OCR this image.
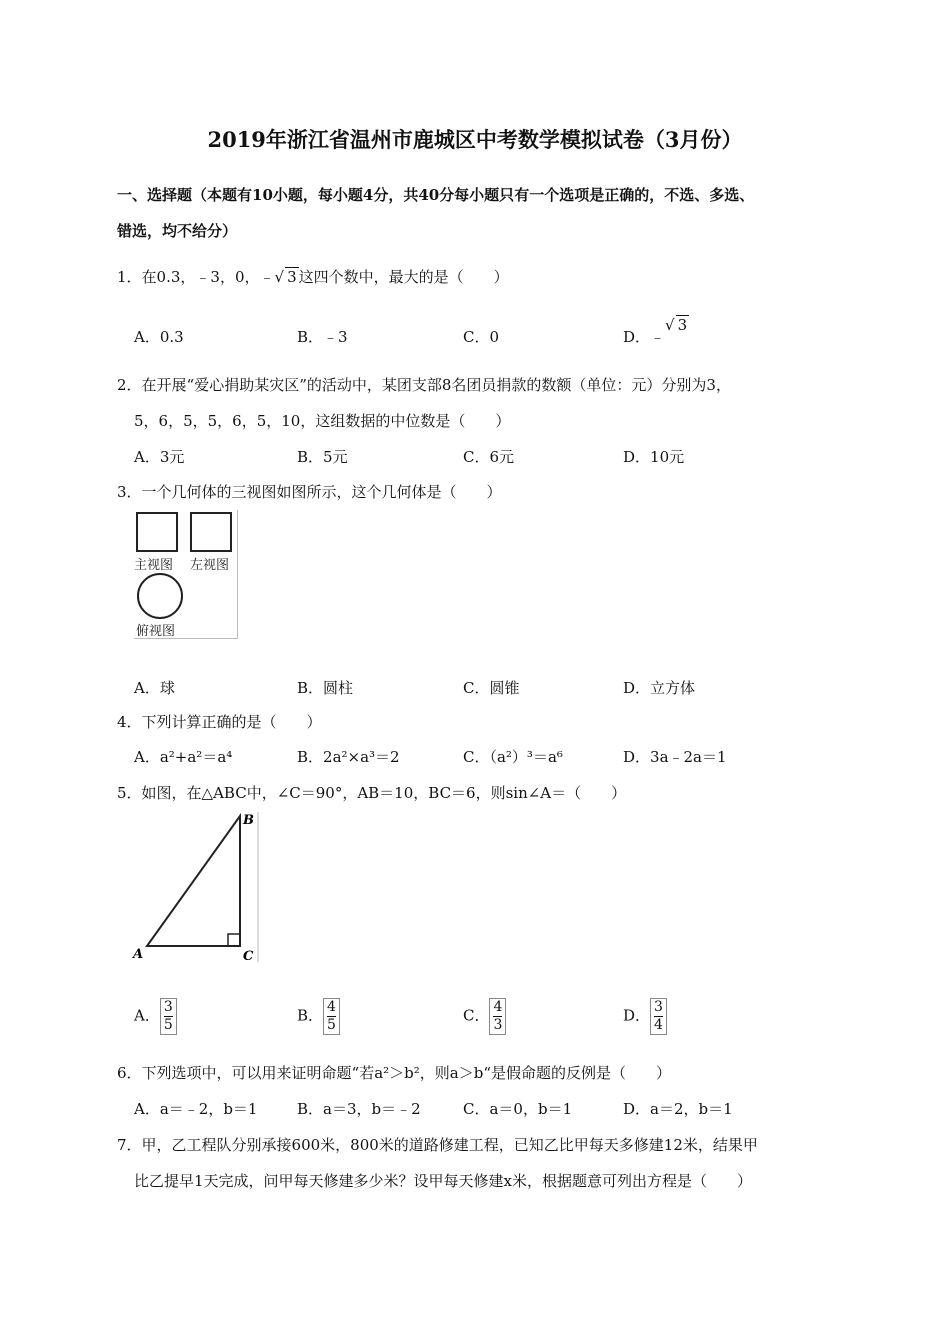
2019年浙江省温州市鹿城区中考数学模拟试卷（3月份）
一、选择题（本题有10小题，每小题4分，共40分每小题只有一个选项是正确的，不选、多选、
错选，均不给分）
1．在0.3，﹣3，0，﹣√ 3 这四个数中，最大的是（　　）
A．0.3	B．﹣3	C．0	D．﹣√ 3
2．在开展“爱心捐助某灾区”的活动中，某团支部8名团员捐款的数额（单位：元）分别为3，
5，6，5，5，6，5，10，这组数据的中位数是（　　）
A．3元	B．5元	C．6元	D．10元
3．一个几何体的三视图如图所示，这个几何体是（　　）
主视图 左视图
俯视图
A．球	B．圆柱	C．圆锥	D．立方体
4．下列计算正确的是（　　）
A．a²+a²＝a⁴	B．2a²×a³＝2	C．（a²）³＝a⁶	D．3a﹣2a＝1
5．如图，在△ABC中，∠C＝90°，AB＝10，BC＝6，则sin∠A＝（　　）
A
B
C
A． $\frac{3}{5}$	B． $\frac{4}{5}$	C． $\frac{4}{3}$	D． $\frac{3}{4}$
6．下列选项中，可以用来证明命题“若a²＞b²，则a＞b“是假命题的反例是（　　）
A．a＝﹣2，b＝1	B．a＝3，b＝﹣2	C．a＝0，b＝1	D．a＝2，b＝1
7．甲，乙工程队分别承接600米，800米的道路修建工程，已知乙比甲每天多修建12米，结果甲
比乙提早1天完成，问甲每天修建多少米？设甲每天修建x米，根据题意可列出方程是（　　）
